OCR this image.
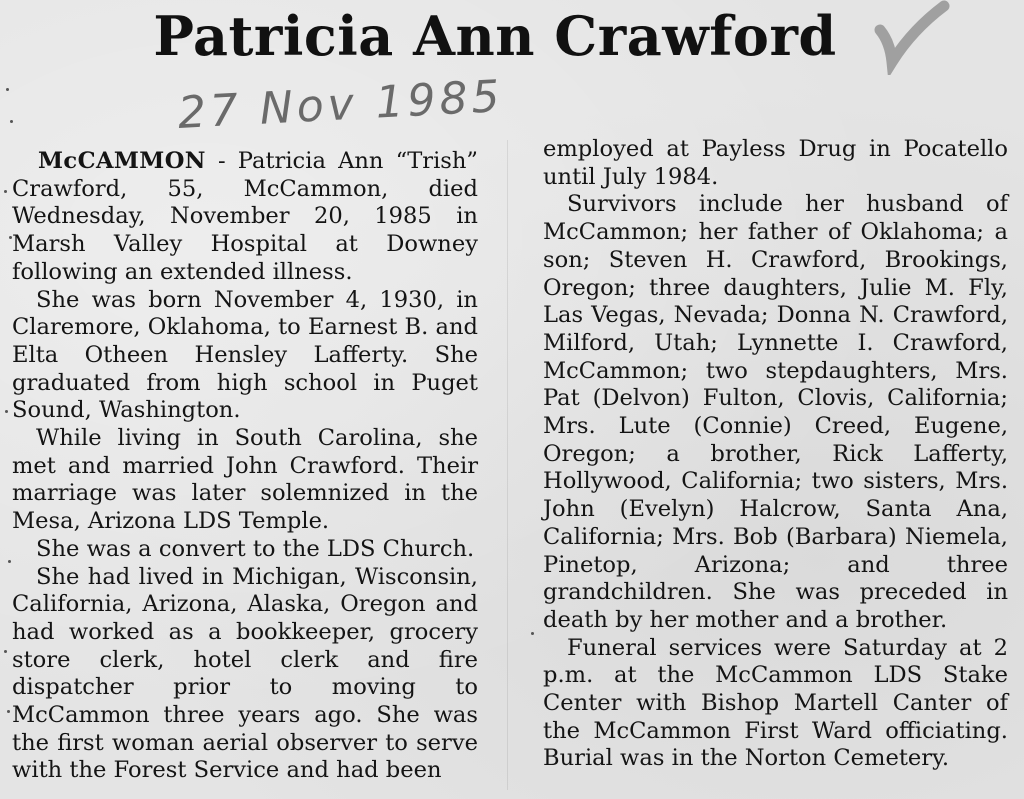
Patricia Ann Crawford
27 Nov 1985

McCAMMON - Patricia Ann “Trish” Crawford, 55, McCammon, died Wednesday, November 20, 1985 in Marsh Valley Hospital at Downey following an extended illness.

She was born November 4, 1930, in Claremore, Oklahoma, to Earnest B. and Elta Otheen Hensley Lafferty. She graduated from high school in Puget Sound, Washington.

While living in South Carolina, she met and married John Crawford. Their marriage was later solemnized in the Mesa, Arizona LDS Temple.

She was a convert to the LDS Church.

She had lived in Michigan, Wisconsin, California, Arizona, Alaska, Oregon and had worked as a bookkeeper, grocery store clerk, hotel clerk and fire dispatcher prior to moving to McCammon three years ago. She was the first woman aerial observer to serve with the Forest Service and had been

employed at Payless Drug in Pocatello until July 1984.

Survivors include her husband of McCammon; her father of Oklahoma; a son; Steven H. Crawford, Brookings, Oregon; three daughters, Julie M. Fly, Las Vegas, Nevada; Donna N. Crawford, Milford, Utah; Lynnette I. Crawford, McCammon; two stepdaughters, Mrs. Pat (Delvon) Fulton, Clovis, California; Mrs. Lute (Connie) Creed, Eugene, Oregon; a brother, Rick Lafferty, Hollywood, California; two sisters, Mrs. John (Evelyn) Halcrow, Santa Ana, California; Mrs. Bob (Barbara) Niemela, Pinetop, Arizona; and three grandchildren. She was preceded in death by her mother and a brother.

Funeral services were Saturday at 2 p.m. at the McCammon LDS Stake Center with Bishop Martell Canter of the McCammon First Ward officiating. Burial was in the Norton Cemetery.
